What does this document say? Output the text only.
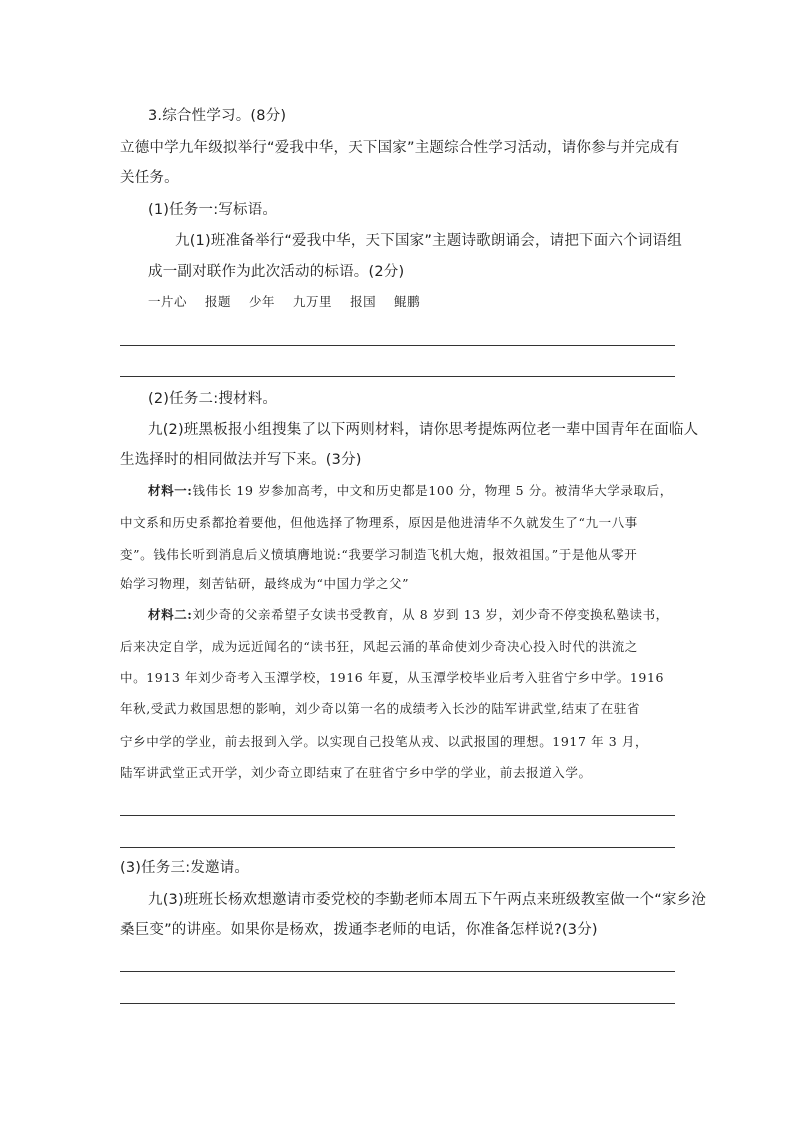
3.综合性学习。(8分)
立德中学九年级拟举行“爱我中华，天下国家”主题综合性学习活动，请你参与并完成有
关任务。
(1)任务一:写标语。
九(1)班准备举行“爱我中华，天下国家”主题诗歌朗诵会，请把下面六个词语组
成一副对联作为此次活动的标语。(2分)
一片心 报题 少年 九万里 报国 鲲鹏
(2)任务二:搜材料。
九(2)班黑板报小组搜集了以下两则材料，请你思考提炼两位老一辈中国青年在面临人
生选择时的相同做法并写下来。(3分)
材料一:钱伟长 19 岁参加高考，中文和历史都是100 分，物理 5 分。被清华大学录取后，
中文系和历史系都抢着要他，但他选择了物理系，原因是他进清华不久就发生了“九一八事
变”。钱伟长听到消息后义愤填膺地说:“我要学习制造飞机大炮，报效祖国。”于是他从零开
始学习物理，刻苦钻研，最终成为“中国力学之父”
材料二:刘少奇的父亲希望子女读书受教育，从 8 岁到 13 岁，刘少奇不停变换私塾读书，
后来决定自学，成为远近闻名的“读书狂，风起云涌的革命使刘少奇决心投入时代的洪流之
中。1913 年刘少奇考入玉潭学校，1916 年夏，从玉潭学校毕业后考入驻省宁乡中学。1916
年秋,受武力救国思想的影响，刘少奇以第一名的成绩考入长沙的陆军讲武堂,结束了在驻省
宁乡中学的学业，前去报到入学。以实现自己投笔从戎、以武报国的理想。1917 年 3 月，
陆军讲武堂正式开学，刘少奇立即结束了在驻省宁乡中学的学业，前去报道入学。
(3)任务三:发邀请。
九(3)班班长杨欢想邀请市委党校的李勤老师本周五下午两点来班级教室做一个“家乡沧
桑巨变”的讲座。如果你是杨欢，拨通李老师的电话，你准备怎样说?(3分)
